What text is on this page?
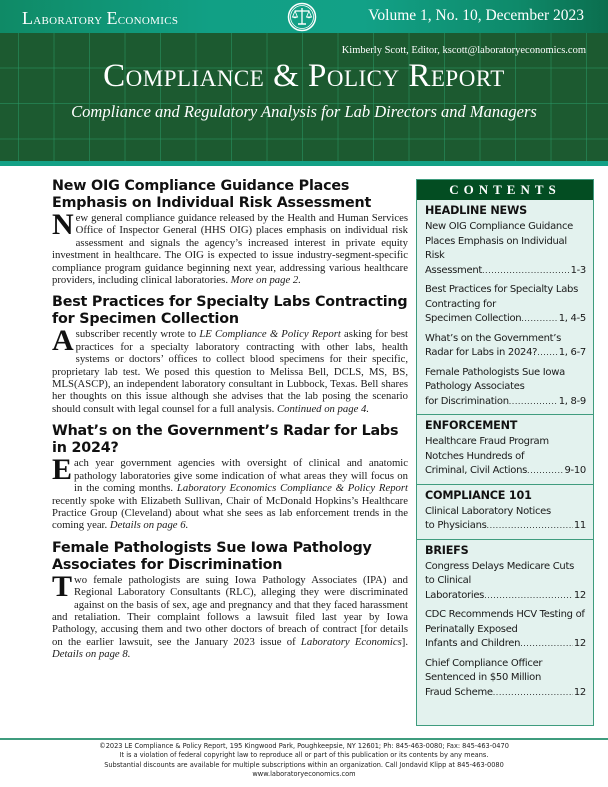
Laboratory Economics	Volume 1, No. 10, December 2023
Kimberly Scott, Editor, kscott@laboratoryeconomics.com
Compliance & Policy Report
Compliance and Regulatory Analysis for Lab Directors and Managers
New OIG Compliance Guidance Places Emphasis on Individual Risk Assessment

New general compliance guidance released by the Health and Human Services Office of Inspector General (HHS OIG) places emphasis on individual risk assessment and signals the agency’s increased interest in private equity investment in healthcare. The OIG is expected to issue industry-segment-specific compliance program guidance beginning next year, addressing various healthcare providers, including clinical laboratories. More on page 2.

Best Practices for Specialty Labs Contracting for Specimen Collection

A subscriber recently wrote to LE Compliance & Policy Report asking for best practices for a specialty laboratory contracting with other labs, health systems or doctors’ offices to collect blood specimens for their specific, proprietary lab test. We posed this question to Melissa Bell, DCLS, MS, BS, MLS(ASCP), an independent laboratory consultant in Lubbock, Texas. Bell shares her thoughts on this issue although she advises that the lab posing the scenario should consult with legal counsel for a full analysis. Continued on page 4.

What’s on the Government’s Radar for Labs in 2024?

Each year government agencies with oversight of clinical and anatomic pathology laboratories give some indication of what areas they will focus on in the coming months. Laboratory Economics Compliance & Policy Report recently spoke with Elizabeth Sullivan, Chair of McDonald Hopkins’s Healthcare Practice Group (Cleveland) about what she sees as lab enforcement trends in the coming year. Details on page 6.

Female Pathologists Sue Iowa Pathology Associates for Discrimination

Two female pathologists are suing Iowa Pathology Associates (IPA) and Regional Laboratory Consultants (RLC), alleging they were discriminated against on the basis of sex, age and pregnancy and that they faced harassment and retaliation. Their complaint follows a lawsuit filed last year by Iowa Pathology, accusing them and two other doctors of breach of contract [for details on the earlier lawsuit, see the January 2023 issue of Laboratory Economics]. Details on page 8.

CONTENTS
HEADLINE NEWS
New OIG Compliance Guidance Places Emphasis on Individual Risk
Assessment .....	1-3
Best Practices for Specialty Labs Contracting for
Specimen Collection .....	1, 4-5
What’s on the Government’s
Radar for Labs in 2024? ..... 1, 6-7
Female Pathologists Sue Iowa Pathology Associates
for Discrimination .....	1, 8-9
ENFORCEMENT
Healthcare Fraud Program Notches Hundreds of
Criminal, Civil Actions .....	9-10
COMPLIANCE 101
Clinical Laboratory Notices
to Physicians .....	11
BRIEFS
Congress Delays Medicare Cuts to Clinical
Laboratories .....	12
CDC Recommends HCV Testing of Perinatally Exposed
Infants and Children .....	12
Chief Compliance Officer Sentenced in $50 Million
Fraud Scheme .....	12
©2023 LE Compliance & Policy Report, 195 Kingwood Park, Poughkeepsie, NY 12601; Ph: 845-463-0080; Fax: 845-463-0470
It is a violation of federal copyright law to reproduce all or part of this publication or its contents by any means.
Substantial discounts are available for multiple subscriptions within an organization. Call Jondavid Klipp at 845-463-0080
www.laboratoryeconomics.com
